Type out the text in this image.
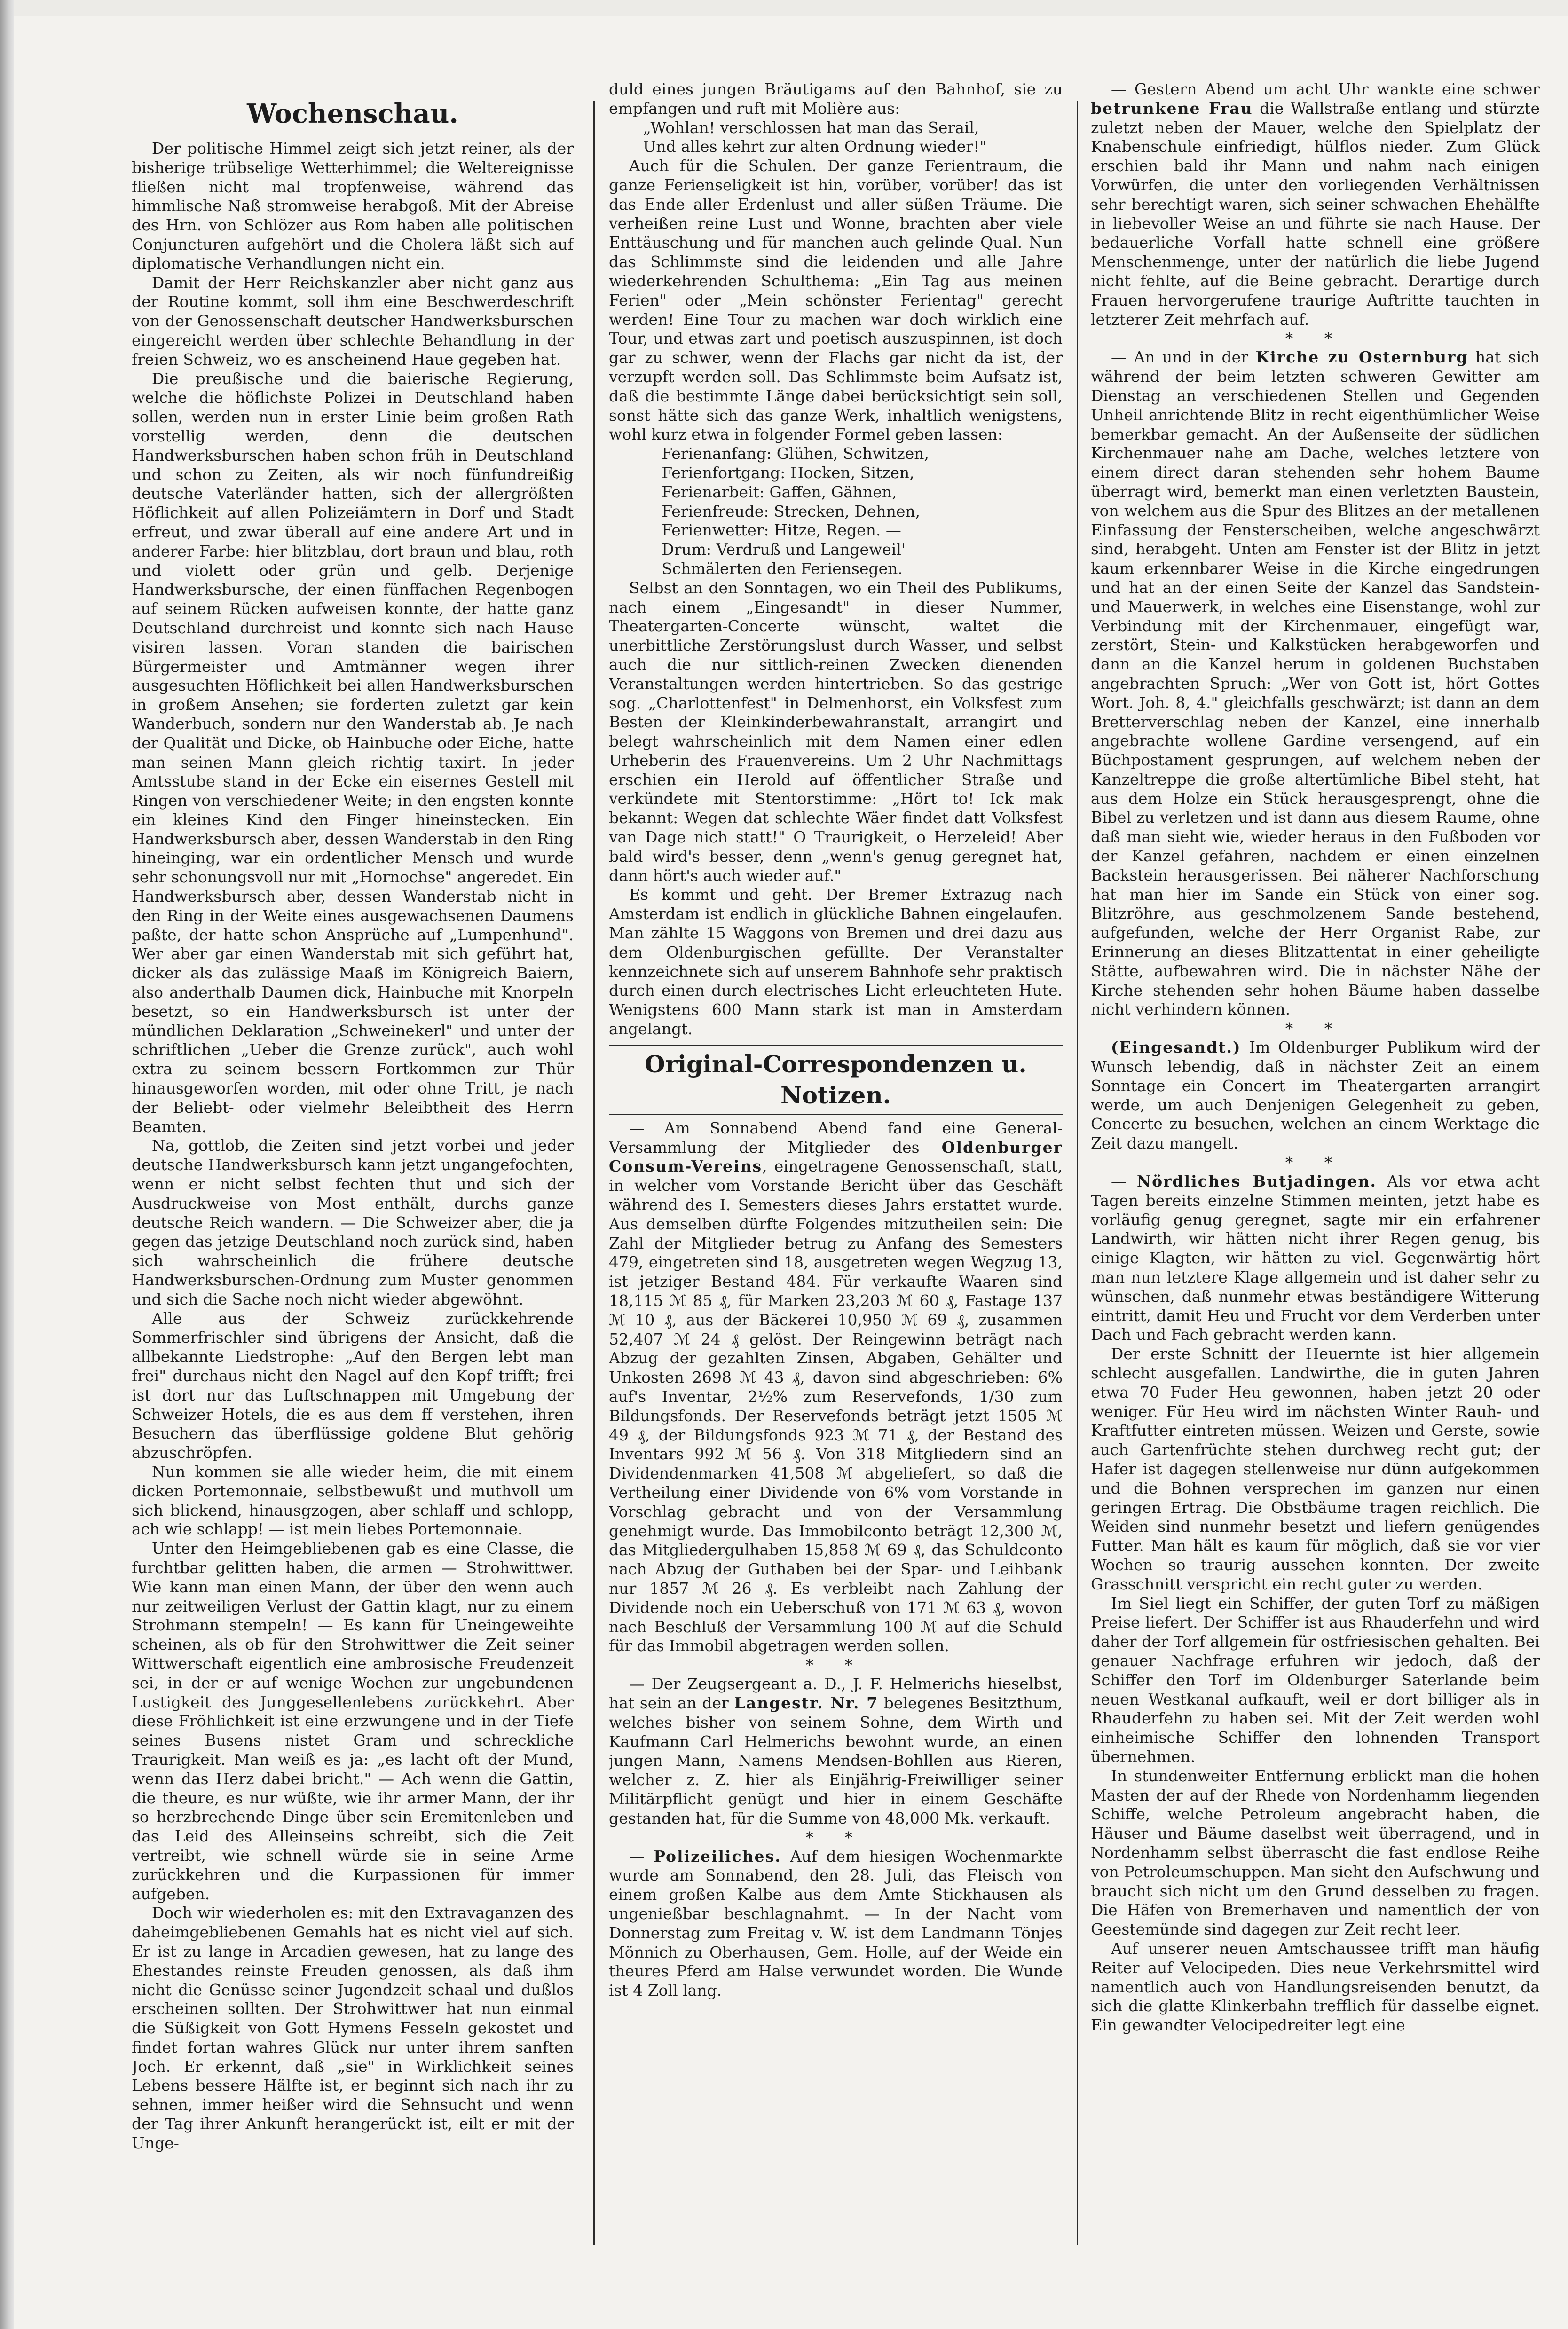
Wochenschau.

Der politische Himmel zeigt sich jetzt reiner, als der bisherige trübselige Wetterhimmel; die Weltereignisse fließen nicht mal tropfenweise, während das himmlische Naß stromweise herabgoß. Mit der Abreise des Hrn. von Schlözer aus Rom haben alle politischen Conjuncturen aufgehört und die Cholera läßt sich auf diplomatische Verhandlungen nicht ein.

Damit der Herr Reichskanzler aber nicht ganz aus der Routine kommt, soll ihm eine Beschwerdeschrift von der Genossenschaft deutscher Handwerksburschen eingereicht werden über schlechte Behandlung in der freien Schweiz, wo es anscheinend Haue gegeben hat.

Die preußische und die baierische Regierung, welche die höflichste Polizei in Deutschland haben sollen, werden nun in erster Linie beim großen Rath vorstellig werden, denn die deutschen Handwerksburschen haben schon früh in Deutschland und schon zu Zeiten, als wir noch fünfundreißig deutsche Vaterländer hatten, sich der allergrößten Höflichkeit auf allen Polizeiämtern in Dorf und Stadt erfreut, und zwar überall auf eine andere Art und in anderer Farbe: hier blitzblau, dort braun und blau, roth und violett oder grün und gelb. Derjenige Handwerksbursche, der einen fünffachen Regenbogen auf seinem Rücken aufweisen konnte, der hatte ganz Deutschland durchreist und konnte sich nach Hause visiren lassen. Voran standen die bairischen Bürgermeister und Amtmänner wegen ihrer ausgesuchten Höflichkeit bei allen Handwerksburschen in großem Ansehen; sie forderten zuletzt gar kein Wanderbuch, sondern nur den Wanderstab ab. Je nach der Qualität und Dicke, ob Hainbuche oder Eiche, hatte man seinen Mann gleich richtig taxirt. In jeder Amtsstube stand in der Ecke ein eisernes Gestell mit Ringen von verschiedener Weite; in den engsten konnte ein kleines Kind den Finger hineinstecken. Ein Handwerksbursch aber, dessen Wanderstab in den Ring hineinging, war ein ordentlicher Mensch und wurde sehr schonungsvoll nur mit „Hornochse" angeredet. Ein Handwerksbursch aber, dessen Wanderstab nicht in den Ring in der Weite eines ausgewachsenen Daumens paßte, der hatte schon Ansprüche auf „Lumpenhund". Wer aber gar einen Wanderstab mit sich geführt hat, dicker als das zulässige Maaß im Königreich Baiern, also anderthalb Daumen dick, Hainbuche mit Knorpeln besetzt, so ein Handwerksbursch ist unter der mündlichen Deklaration „Schweinekerl" und unter der schriftlichen „Ueber die Grenze zurück", auch wohl extra zu seinem bessern Fortkommen zur Thür hinausgeworfen worden, mit oder ohne Tritt, je nach der Beliebt- oder vielmehr Beleibtheit des Herrn Beamten.

Na, gottlob, die Zeiten sind jetzt vorbei und jeder deutsche Handwerksbursch kann jetzt ungangefochten, wenn er nicht selbst fechten thut und sich der Ausdruckweise von Most enthält, durchs ganze deutsche Reich wandern. — Die Schweizer aber, die ja gegen das jetzige Deutschland noch zurück sind, haben sich wahrscheinlich die frühere deutsche Handwerksburschen-Ordnung zum Muster genommen und sich die Sache noch nicht wieder abgewöhnt.

Alle aus der Schweiz zurückkehrende Sommerfrischler sind übrigens der Ansicht, daß die allbekannte Liedstrophe: „Auf den Bergen lebt man frei" durchaus nicht den Nagel auf den Kopf trifft; frei ist dort nur das Luftschnappen mit Umgebung der Schweizer Hotels, die es aus dem ff verstehen, ihren Besuchern das überflüssige goldene Blut gehörig abzuschröpfen.

Nun kommen sie alle wieder heim, die mit einem dicken Portemonnaie, selbstbewußt und muthvoll um sich blickend, hinausgzogen, aber schlaff und schlopp, ach wie schlapp! — ist mein liebes Portemonnaie.

Unter den Heimgebliebenen gab es eine Classe, die furchtbar gelitten haben, die armen — Strohwittwer. Wie kann man einen Mann, der über den wenn auch nur zeitweiligen Verlust der Gattin klagt, nur zu einem Strohmann stempeln! — Es kann für Uneingeweihte scheinen, als ob für den Strohwittwer die Zeit seiner Wittwerschaft eigentlich eine ambrosische Freudenzeit sei, in der er auf wenige Wochen zur ungebundenen Lustigkeit des Junggesellenlebens zurückkehrt. Aber diese Fröhlichkeit ist eine erzwungene und in der Tiefe seines Busens nistet Gram und schreckliche Traurigkeit. Man weiß es ja: „es lacht oft der Mund, wenn das Herz dabei bricht." — Ach wenn die Gattin, die theure, es nur wüßte, wie ihr armer Mann, der ihr so herzbrechende Dinge über sein Eremitenleben und das Leid des Alleinseins schreibt, sich die Zeit vertreibt, wie schnell würde sie in seine Arme zurückkehren und die Kurpassionen für immer aufgeben.

Doch wir wiederholen es: mit den Extravaganzen des daheimgebliebenen Gemahls hat es nicht viel auf sich. Er ist zu lange in Arcadien gewesen, hat zu lange des Ehestandes reinste Freuden genossen, als daß ihm nicht die Genüsse seiner Jugendzeit schaal und dußlos erscheinen sollten. Der Strohwittwer hat nun einmal die Süßigkeit von Gott Hymens Fesseln gekostet und findet fortan wahres Glück nur unter ihrem sanften Joch. Er erkennt, daß „sie" in Wirklichkeit seines Lebens bessere Hälfte ist, er beginnt sich nach ihr zu sehnen, immer heißer wird die Sehnsucht und wenn der Tag ihrer Ankunft herangerückt ist, eilt er mit der Unge-

duld eines jungen Bräutigams auf den Bahnhof, sie zu empfangen und ruft mit Molière aus:

„Wohlan! verschlossen hat man das Serail,

Und alles kehrt zur alten Ordnung wieder!"

Auch für die Schulen. Der ganze Ferientraum, die ganze Ferienseligkeit ist hin, vorüber, vorüber! das ist das Ende aller Erdenlust und aller süßen Träume. Die verheißen reine Lust und Wonne, brachten aber viele Enttäuschung und für manchen auch gelinde Qual. Nun das Schlimmste sind die leidenden und alle Jahre wiederkehrenden Schulthema: „Ein Tag aus meinen Ferien" oder „Mein schönster Ferientag" gerecht werden! Eine Tour zu machen war doch wirklich eine Tour, und etwas zart und poetisch auszuspinnen, ist doch gar zu schwer, wenn der Flachs gar nicht da ist, der verzupft werden soll. Das Schlimmste beim Aufsatz ist, daß die bestimmte Länge dabei berücksichtigt sein soll, sonst hätte sich das ganze Werk, inhaltlich wenigstens, wohl kurz etwa in folgender Formel geben lassen:

Ferienanfang: Glühen, Schwitzen,

Ferienfortgang: Hocken, Sitzen,

Ferienarbeit: Gaffen, Gähnen,

Ferienfreude: Strecken, Dehnen,

Ferienwetter: Hitze, Regen. —

Drum: Verdruß und Langeweil'

Schmälerten den Feriensegen.

Selbst an den Sonntagen, wo ein Theil des Publikums, nach einem „Eingesandt" in dieser Nummer, Theatergarten-Concerte wünscht, waltet die unerbittliche Zerstörungslust durch Wasser, und selbst auch die nur sittlich-reinen Zwecken dienenden Veranstaltungen werden hintertrieben. So das gestrige sog. „Charlottenfest" in Delmenhorst, ein Volksfest zum Besten der Kleinkinderbewahranstalt, arrangirt und belegt wahrscheinlich mit dem Namen einer edlen Urheberin des Frauenvereins. Um 2 Uhr Nachmittags erschien ein Herold auf öffentlicher Straße und verkündete mit Stentorstimme: „Hört to! Ick mak bekannt: Wegen dat schlechte Wäer findet datt Volksfest van Dage nich statt!" O Traurigkeit, o Herzeleid! Aber bald wird's besser, denn „wenn's genug geregnet hat, dann hört's auch wieder auf."

Es kommt und geht. Der Bremer Extrazug nach Amsterdam ist endlich in glückliche Bahnen eingelaufen. Man zählte 15 Waggons von Bremen und drei dazu aus dem Oldenburgischen gefüllte. Der Veranstalter kennzeichnete sich auf unserem Bahnhofe sehr praktisch durch einen durch electrisches Licht erleuchteten Hute. Wenigstens 600 Mann stark ist man in Amsterdam angelangt.

Original-Correspondenzen u. Notizen.

— Am Sonnabend Abend fand eine General-Versammlung der Mitglieder des Oldenburger Consum-Vereins, eingetragene Genossenschaft, statt, in welcher vom Vorstande Bericht über das Geschäft während des I. Semesters dieses Jahrs erstattet wurde. Aus demselben dürfte Folgendes mitzutheilen sein: Die Zahl der Mitglieder betrug zu Anfang des Semesters 479, eingetreten sind 18, ausgetreten wegen Wegzug 13, ist jetziger Bestand 484. Für verkaufte Waaren sind 18,115 ℳ 85 ₰, für Marken 23,203 ℳ 60 ₰, Fastage 137 ℳ 10 ₰, aus der Bäckerei 10,950 ℳ 69 ₰, zusammen 52,407 ℳ 24 ₰ gelöst. Der Reingewinn beträgt nach Abzug der gezahlten Zinsen, Abgaben, Gehälter und Unkosten 2698 ℳ 43 ₰, davon sind abgeschrieben: 6% auf's Inventar, 2½% zum Reservefonds, 1/30 zum Bildungsfonds. Der Reservefonds beträgt jetzt 1505 ℳ 49 ₰, der Bildungsfonds 923 ℳ 71 ₰, der Bestand des Inventars 992 ℳ 56 ₰. Von 318 Mitgliedern sind an Dividendenmarken 41,508 ℳ abgeliefert, so daß die Vertheilung einer Dividende von 6% vom Vorstande in Vorschlag gebracht und von der Versammlung genehmigt wurde. Das Immobilconto beträgt 12,300 ℳ, das Mitgliedergulhaben 15,858 ℳ 69 ₰, das Schuldconto nach Abzug der Guthaben bei der Spar- und Leihbank nur 1857 ℳ 26 ₰. Es verbleibt nach Zahlung der Dividende noch ein Ueberschuß von 171 ℳ 63 ₰, wovon nach Beschluß der Versammlung 100 ℳ auf die Schuld für das Immobil abgetragen werden sollen.

* *

— Der Zeugsergeant a. D., J. F. Helmerichs hieselbst, hat sein an der Langestr. Nr. 7 belegenes Besitzthum, welches bisher von seinem Sohne, dem Wirth und Kaufmann Carl Helmerichs bewohnt wurde, an einen jungen Mann, Namens Mendsen-Bohllen aus Rieren, welcher z. Z. hier als Einjährig-Freiwilliger seiner Militärpflicht genügt und hier in einem Geschäfte gestanden hat, für die Summe von 48,000 Mk. verkauft.

* *

— Polizeiliches. Auf dem hiesigen Wochenmarkte wurde am Sonnabend, den 28. Juli, das Fleisch von einem großen Kalbe aus dem Amte Stickhausen als ungenießbar beschlagnahmt. — In der Nacht vom Donnerstag zum Freitag v. W. ist dem Landmann Tönjes Mönnich zu Oberhausen, Gem. Holle, auf der Weide ein theures Pferd am Halse verwundet worden. Die Wunde ist 4 Zoll lang.

— Gestern Abend um acht Uhr wankte eine schwer betrunkene Frau die Wallstraße entlang und stürzte zuletzt neben der Mauer, welche den Spielplatz der Knabenschule einfriedigt, hülflos nieder. Zum Glück erschien bald ihr Mann und nahm nach einigen Vorwürfen, die unter den vorliegenden Verhältnissen sehr berechtigt waren, sich seiner schwachen Ehehälfte in liebevoller Weise an und führte sie nach Hause. Der bedauerliche Vorfall hatte schnell eine größere Menschenmenge, unter der natürlich die liebe Jugend nicht fehlte, auf die Beine gebracht. Derartige durch Frauen hervorgerufene traurige Auftritte tauchten in letzterer Zeit mehrfach auf.

* *

— An und in der Kirche zu Osternburg hat sich während der beim letzten schweren Gewitter am Dienstag an verschiedenen Stellen und Gegenden Unheil anrichtende Blitz in recht eigenthümlicher Weise bemerkbar gemacht. An der Außenseite der südlichen Kirchenmauer nahe am Dache, welches letztere von einem direct daran stehenden sehr hohem Baume überragt wird, bemerkt man einen verletzten Baustein, von welchem aus die Spur des Blitzes an der metallenen Einfassung der Fensterscheiben, welche angeschwärzt sind, herabgeht. Unten am Fenster ist der Blitz in jetzt kaum erkennbarer Weise in die Kirche eingedrungen und hat an der einen Seite der Kanzel das Sandstein- und Mauerwerk, in welches eine Eisenstange, wohl zur Verbindung mit der Kirchenmauer, eingefügt war, zerstört, Stein- und Kalkstücken herabgeworfen und dann an die Kanzel herum in goldenen Buchstaben angebrachten Spruch: „Wer von Gott ist, hört Gottes Wort. Joh. 8, 4." gleichfalls geschwärzt; ist dann an dem Bretterverschlag neben der Kanzel, eine innerhalb angebrachte wollene Gardine versengend, auf ein Büchpostament gesprungen, auf welchem neben der Kanzeltreppe die große altertümliche Bibel steht, hat aus dem Holze ein Stück herausgesprengt, ohne die Bibel zu verletzen und ist dann aus diesem Raume, ohne daß man sieht wie, wieder heraus in den Fußboden vor der Kanzel gefahren, nachdem er einen einzelnen Backstein herausgerissen. Bei näherer Nachforschung hat man hier im Sande ein Stück von einer sog. Blitzröhre, aus geschmolzenem Sande bestehend, aufgefunden, welche der Herr Organist Rabe, zur Erinnerung an dieses Blitzattentat in einer geheiligte Stätte, aufbewahren wird. Die in nächster Nähe der Kirche stehenden sehr hohen Bäume haben dasselbe nicht verhindern können.

* *

(Eingesandt.) Im Oldenburger Publikum wird der Wunsch lebendig, daß in nächster Zeit an einem Sonntage ein Concert im Theatergarten arrangirt werde, um auch Denjenigen Gelegenheit zu geben, Concerte zu besuchen, welchen an einem Werktage die Zeit dazu mangelt.

* *

— Nördliches Butjadingen. Als vor etwa acht Tagen bereits einzelne Stimmen meinten, jetzt habe es vorläufig genug geregnet, sagte mir ein erfahrener Landwirth, wir hätten nicht ihrer Regen genug, bis einige Klagten, wir hätten zu viel. Gegenwärtig hört man nun letztere Klage allgemein und ist daher sehr zu wünschen, daß nunmehr etwas beständigere Witterung eintritt, damit Heu und Frucht vor dem Verderben unter Dach und Fach gebracht werden kann.

Der erste Schnitt der Heuernte ist hier allgemein schlecht ausgefallen. Landwirthe, die in guten Jahren etwa 70 Fuder Heu gewonnen, haben jetzt 20 oder weniger. Für Heu wird im nächsten Winter Rauh- und Kraftfutter eintreten müssen. Weizen und Gerste, sowie auch Gartenfrüchte stehen durchweg recht gut; der Hafer ist dagegen stellenweise nur dünn aufgekommen und die Bohnen versprechen im ganzen nur einen geringen Ertrag. Die Obstbäume tragen reichlich. Die Weiden sind nunmehr besetzt und liefern genügendes Futter. Man hält es kaum für möglich, daß sie vor vier Wochen so traurig aussehen konnten. Der zweite Grasschnitt verspricht ein recht guter zu werden.

Im Siel liegt ein Schiffer, der guten Torf zu mäßigen Preise liefert. Der Schiffer ist aus Rhauderfehn und wird daher der Torf allgemein für ostfriesischen gehalten. Bei genauer Nachfrage erfuhren wir jedoch, daß der Schiffer den Torf im Oldenburger Saterlande beim neuen Westkanal aufkauft, weil er dort billiger als in Rhauderfehn zu haben sei. Mit der Zeit werden wohl einheimische Schiffer den lohnenden Transport übernehmen.

In stundenweiter Entfernung erblickt man die hohen Masten der auf der Rhede von Nordenhamm liegenden Schiffe, welche Petroleum angebracht haben, die Häuser und Bäume daselbst weit überragend, und in Nordenhamm selbst überrascht die fast endlose Reihe von Petroleumschuppen. Man sieht den Aufschwung und braucht sich nicht um den Grund desselben zu fragen. Die Häfen von Bremerhaven und namentlich der von Geestemünde sind dagegen zur Zeit recht leer.

Auf unserer neuen Amtschaussee trifft man häufig Reiter auf Velocipeden. Dies neue Verkehrsmittel wird namentlich auch von Handlungsreisenden benutzt, da sich die glatte Klinkerbahn trefflich für dasselbe eignet. Ein gewandter Velocipedreiter legt eine
